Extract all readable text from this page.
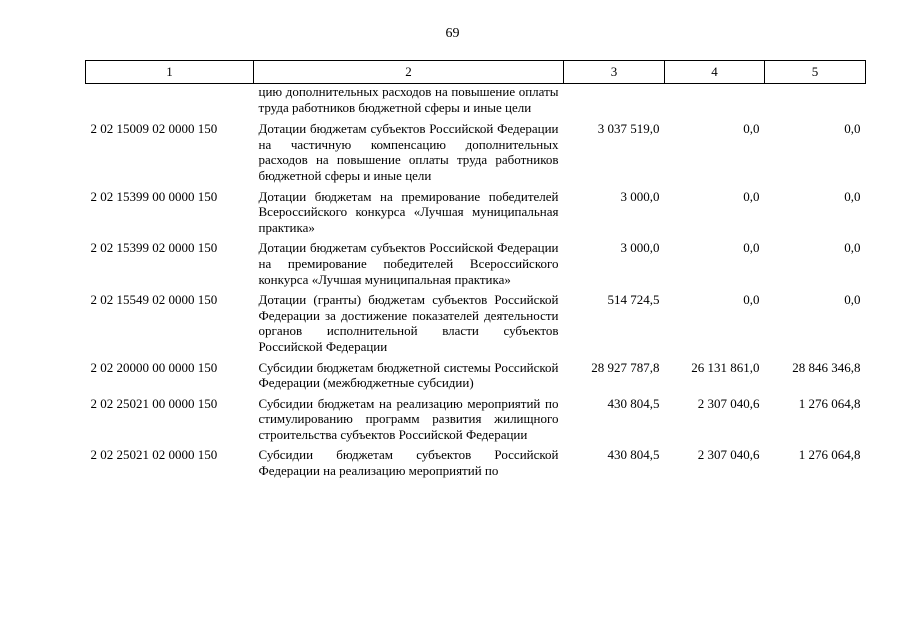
69
1	2	3	4	5
	цию дополнительных расходов на повышение оплаты труда работников бюджетной сферы и иные цели			
2 02 15009 02 0000 150	Дотации бюджетам субъектов Российской Федерации на частичную компенсацию дополнительных расходов на повышение оплаты труда работников бюджетной сферы и иные цели	3 037 519,0	0,0	0,0
2 02 15399 00 0000 150	Дотации бюджетам на премирование победителей Всероссийского конкурса «Лучшая муниципальная практика»	3 000,0	0,0	0,0
2 02 15399 02 0000 150	Дотации бюджетам субъектов Российской Федерации на премирование победителей Всероссийского конкурса «Лучшая муниципальная практика»	3 000,0	0,0	0,0
2 02 15549 02 0000 150	Дотации (гранты) бюджетам субъектов Российской Федерации за достижение показателей деятельности органов исполнительной власти субъектов Российской Федерации	514 724,5	0,0	0,0
2 02 20000 00 0000 150	Субсидии бюджетам бюджетной системы Российской Федерации (межбюджетные субсидии)	28 927 787,8	26 131 861,0	28 846 346,8
2 02 25021 00 0000 150	Субсидии бюджетам на реализацию мероприятий по стимулированию программ развития жилищного строительства субъектов Российской Федерации	430 804,5	2 307 040,6	1 276 064,8
2 02 25021 02 0000 150	Субсидии бюджетам субъектов Российской Федерации на реализацию мероприятий по	430 804,5	2 307 040,6	1 276 064,8
